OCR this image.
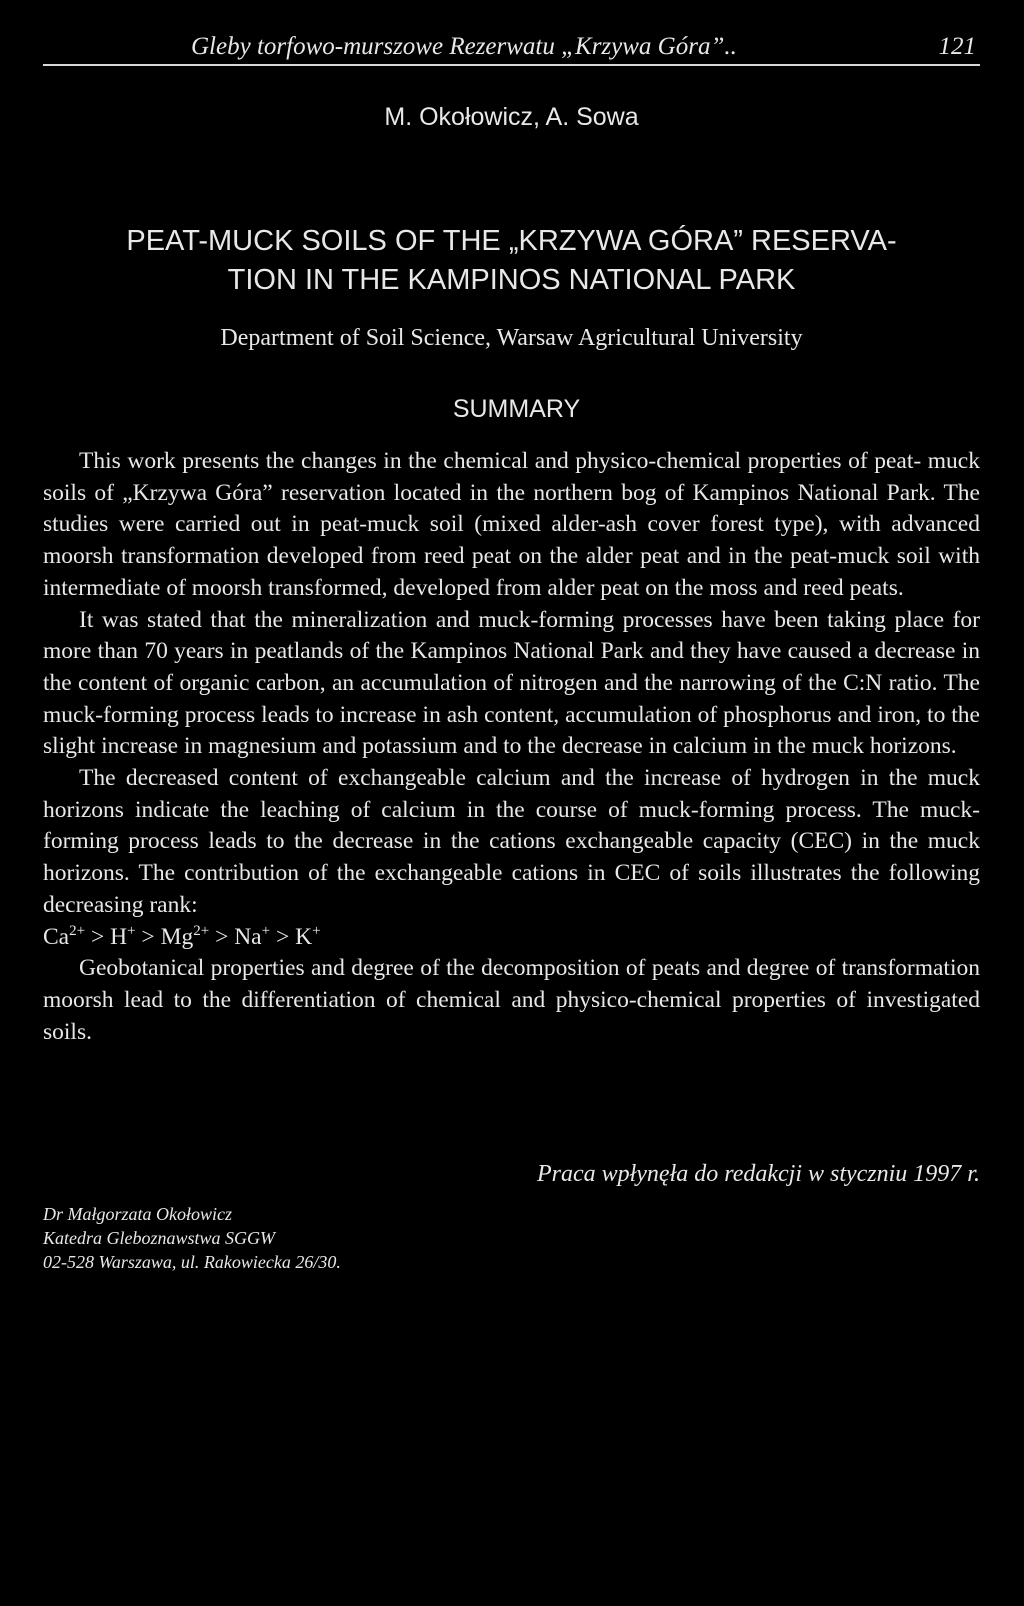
Gleby torfowo-murszowe Rezerwatu „Krzywa Góra”..	121
M. Okołowicz, A. Sowa
PEAT-MUCK SOILS OF THE „KRZYWA GÓRA” RESERVA-
TION IN THE KAMPINOS NATIONAL PARK
Department of Soil Science, Warsaw Agricultural University
SUMMARY

This work presents the changes in the chemical and physico-chemical properties of peat- muck soils of „Krzywa Góra” reservation located in the northern bog of Kampinos National Park. The studies were carried out in peat-muck soil (mixed alder-ash cover forest type), with advanced moorsh transformation developed from reed peat on the alder peat and in the peat-muck soil with intermediate of moorsh transformed, developed from alder peat on the moss and reed peats.

It was stated that the mineralization and muck-forming processes have been taking place for more than 70 years in peatlands of the Kampinos National Park and they have caused a decrease in the content of organic carbon, an accumulation of nitrogen and the narrowing of the C:N ratio. The muck-forming process leads to increase in ash content, accumulation of phosphorus and iron, to the slight increase in magnesium and potassium and to the decrease in calcium in the muck horizons.

The decreased content of exchangeable calcium and the increase of hydrogen in the muck horizons indicate the leaching of calcium in the course of muck-forming process. The muck-forming process leads to the decrease in the cations exchangeable capacity (CEC) in the muck horizons. The contribution of the exchangeable cations in CEC of soils illustrates the following decreasing rank:

$Ca^{2+} > H^+ > Mg^{2+} > Na^+ > K^+$

Geobotanical properties and degree of the decomposition of peats and degree of transformation moorsh lead to the differentiation of chemical and physico-chemical properties of investigated soils.

Praca wpłynęła do redakcji w styczniu 1997 r.
Dr Małgorzata Okołowicz
Katedra Gleboznawstwa SGGW
02-528 Warszawa, ul. Rakowiecka 26/30.
